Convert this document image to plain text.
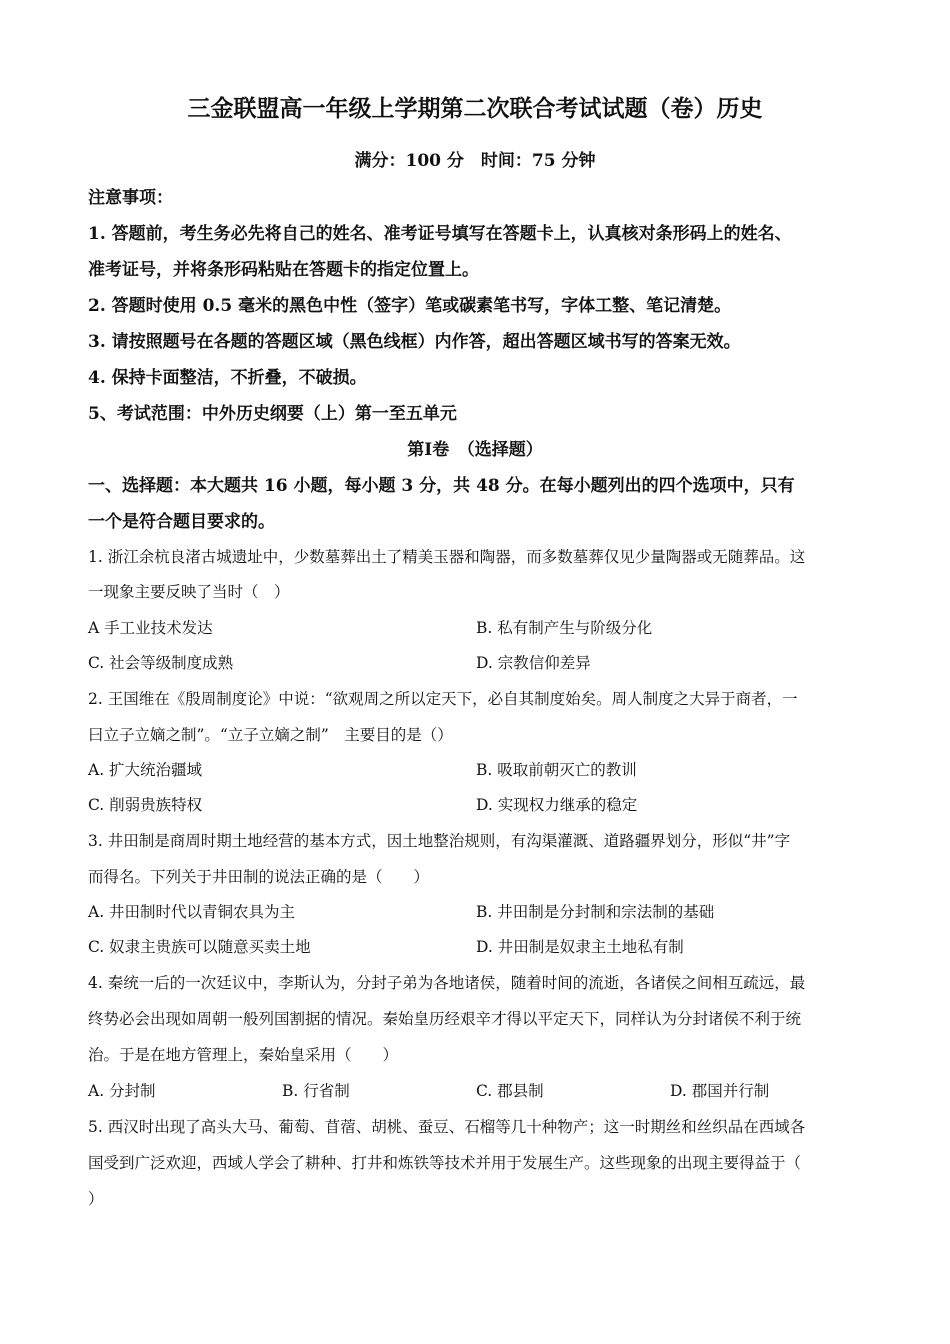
三金联盟高一年级上学期第二次联合考试试题（卷）历史
满分：100 分　时间：75 分钟
注意事项：
1. 答题前，考生务必先将自己的姓名、准考证号填写在答题卡上，认真核对条形码上的姓名、
准考证号，并将条形码粘贴在答题卡的指定位置上。
2. 答题时使用 0.5 毫米的黑色中性（签字）笔或碳素笔书写，字体工整、笔记清楚。
3. 请按照题号在各题的答题区域（黑色线框）内作答，超出答题区域书写的答案无效。
4. 保持卡面整洁，不折叠，不破损。
5、考试范围：中外历史纲要（上）第一至五单元
第Ⅰ卷　（选择题）
一、选择题：本大题共 16 小题，每小题 3 分，共 48 分。在每小题列出的四个选项中，只有
一个是符合题目要求的。
1. 浙江余杭良渚古城遗址中，少数墓葬出土了精美玉器和陶器，而多数墓葬仅见少量陶器或无随葬品。这
一现象主要反映了当时（　）
A 手工业技术发达	B. 私有制产生与阶级分化
C. 社会等级制度成熟	D. 宗教信仰差异
2. 王国维在《殷周制度论》中说：“欲观周之所以定天下，必自其制度始矣。周人制度之大异于商者，一
曰立子立嫡之制”。“立子立嫡之制”　主要目的是（）
A. 扩大统治疆域	B. 吸取前朝灭亡的教训
C. 削弱贵族特权	D. 实现权力继承的稳定
3. 井田制是商周时期土地经营的基本方式，因土地整治规则，有沟渠灌溉、道路疆界划分，形似“井”字
而得名。下列关于井田制的说法正确的是（　　）
A. 井田制时代以青铜农具为主	B. 井田制是分封制和宗法制的基础
C. 奴隶主贵族可以随意买卖土地	D. 井田制是奴隶主土地私有制
4. 秦统一后的一次廷议中，李斯认为，分封子弟为各地诸侯，随着时间的流逝，各诸侯之间相互疏远，最
终势必会出现如周朝一般列国割据的情况。秦始皇历经艰辛才得以平定天下，同样认为分封诸侯不利于统
治。于是在地方管理上，秦始皇采用（　　）
A. 分封制	B. 行省制	C. 郡县制	D. 郡国并行制
5. 西汉时出现了高头大马、葡萄、苜蓿、胡桃、蚕豆、石榴等几十种物产；这一时期丝和丝织品在西域各
国受到广泛欢迎，西域人学会了耕种、打井和炼铁等技术并用于发展生产。这些现象的出现主要得益于（
）
